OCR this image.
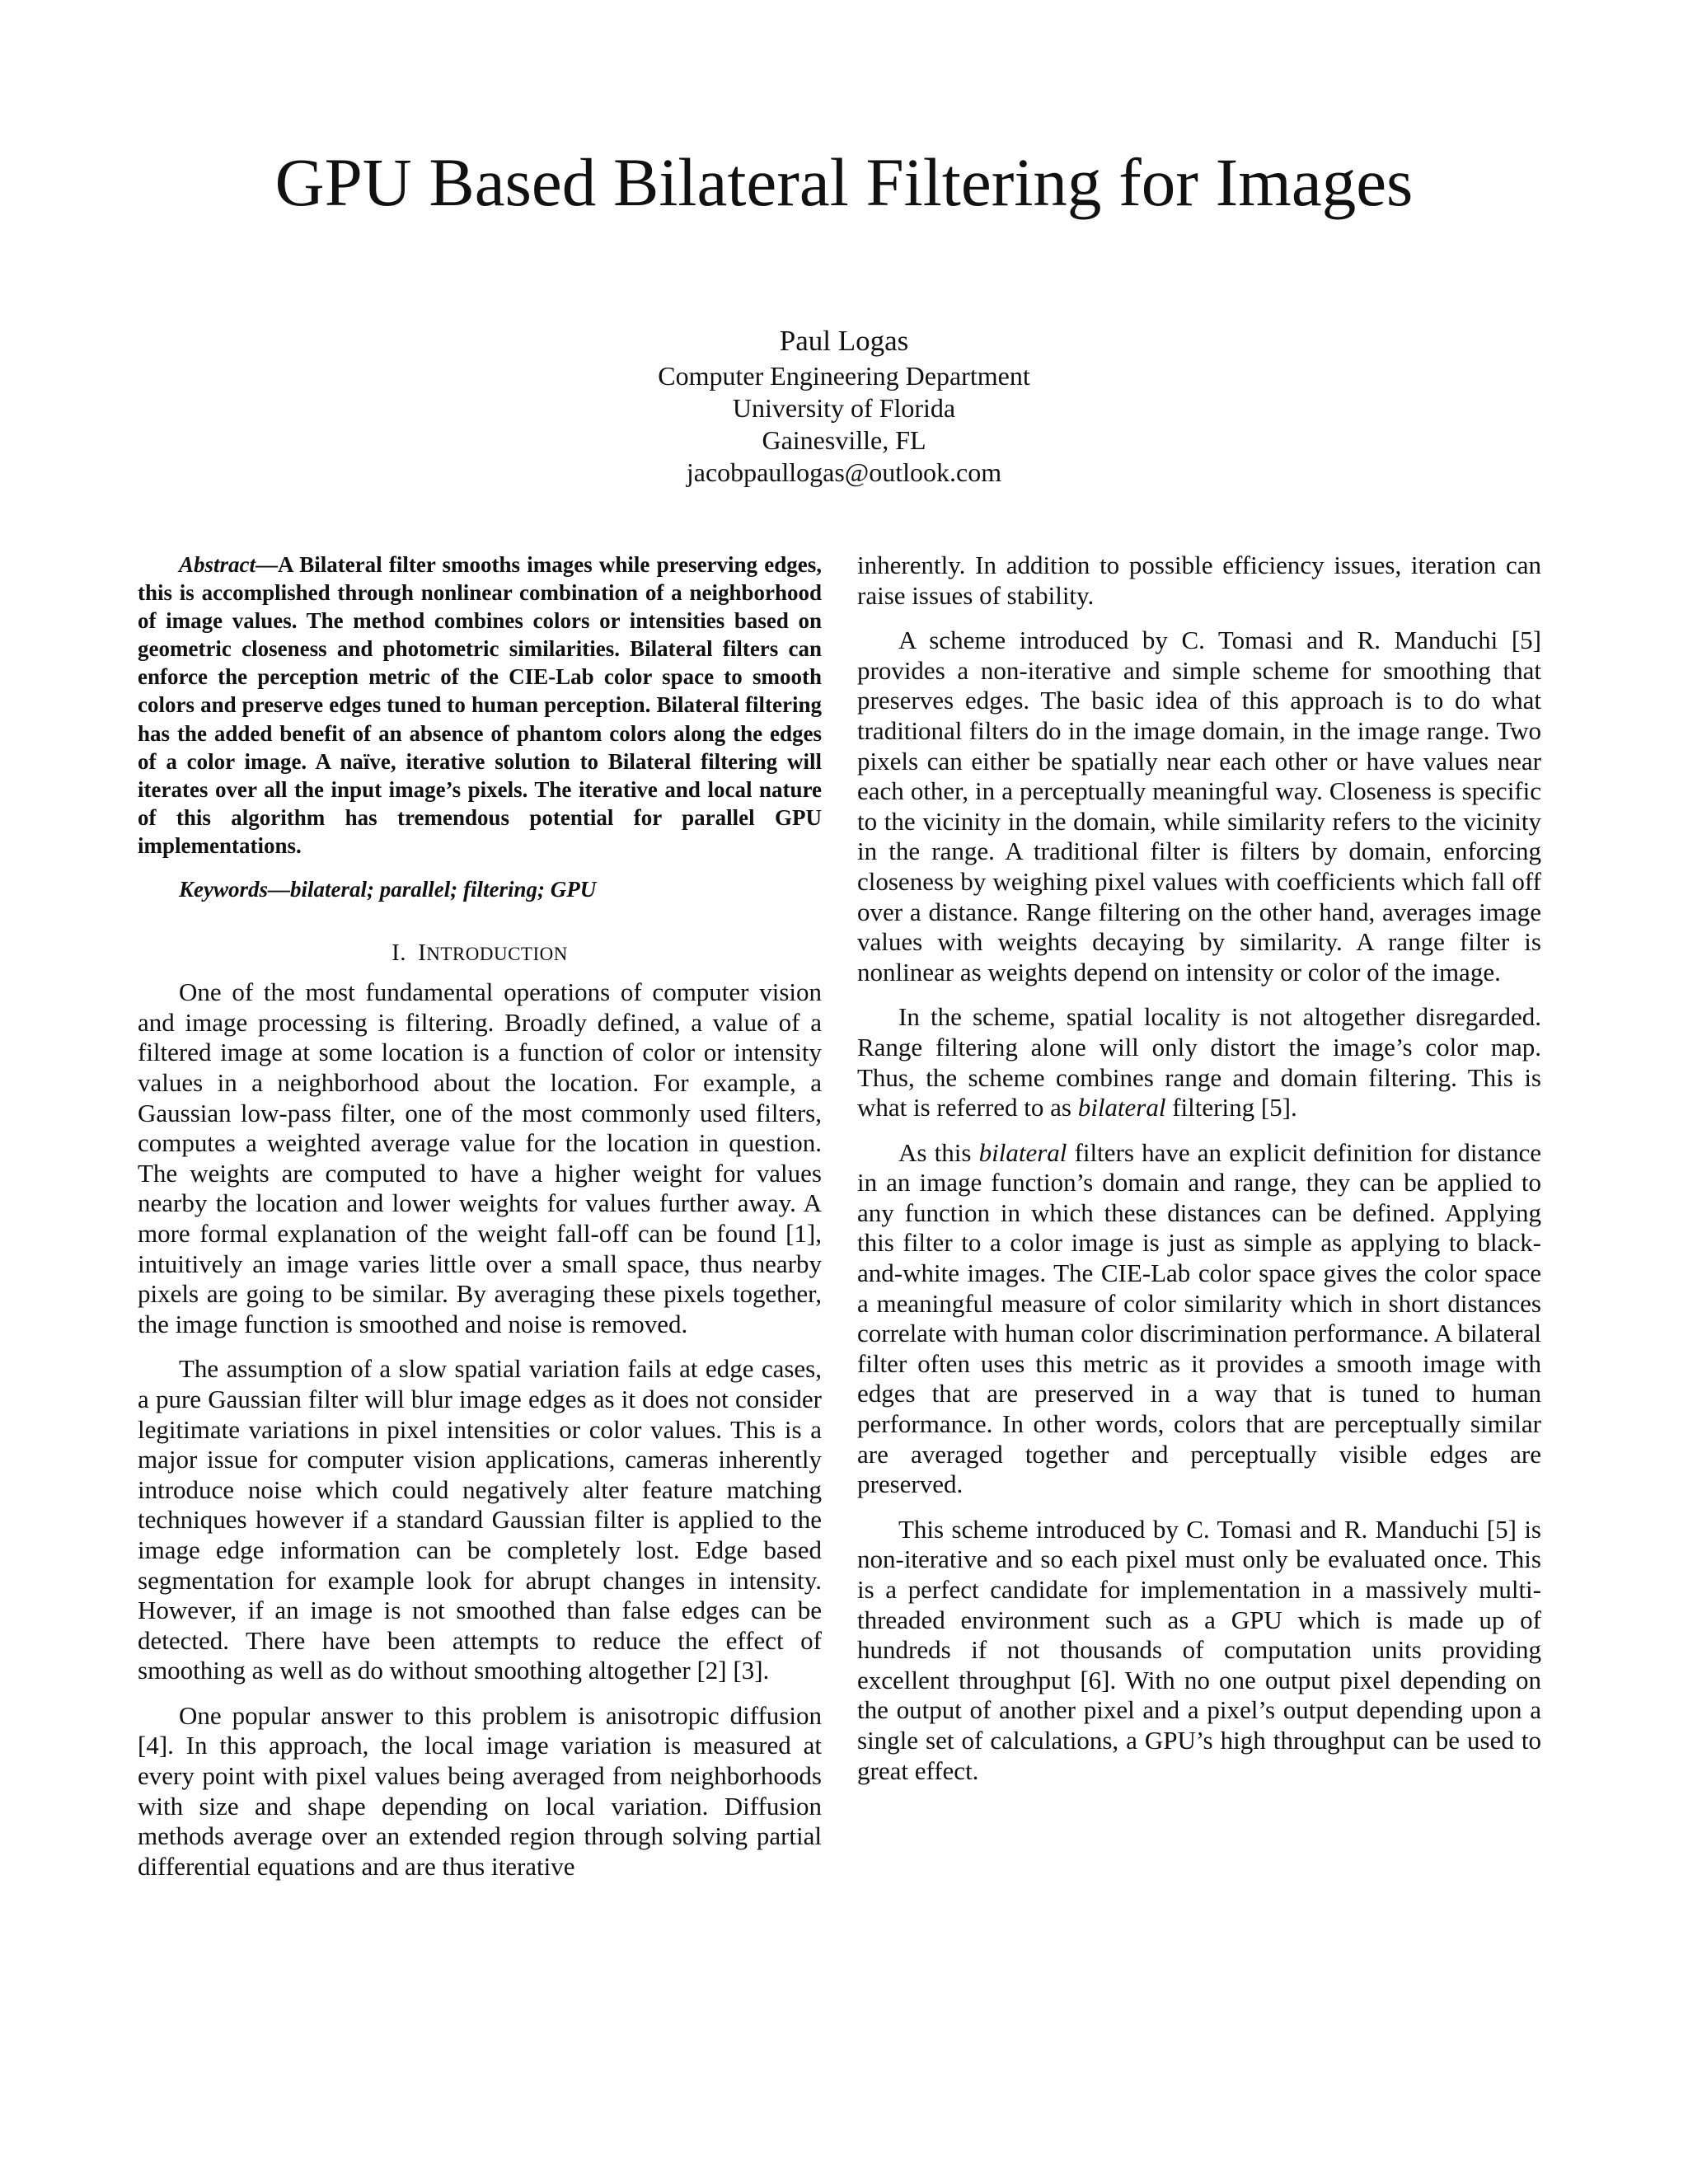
GPU Based Bilateral Filtering for Images
Paul Logas
Computer Engineering Department
University of Florida
Gainesville, FL
jacobpaullogas@outlook.com

Abstract—A Bilateral filter smooths images while preserving edges, this is accomplished through nonlinear combination of a neighborhood of image values. The method combines colors or intensities based on geometric closeness and photometric similarities. Bilateral filters can enforce the perception metric of the CIE-Lab color space to smooth colors and preserve edges tuned to human perception. Bilateral filtering has the added benefit of an absence of phantom colors along the edges of a color image. A naïve, iterative solution to Bilateral filtering will iterates over all the input image’s pixels. The iterative and local nature of this algorithm has tremendous potential for parallel GPU implementations.

Keywords—bilateral; parallel; filtering; GPU

I. INTRODUCTION

One of the most fundamental operations of computer vision and image processing is filtering. Broadly defined, a value of a filtered image at some location is a function of color or intensity values in a neighborhood about the location. For example, a Gaussian low-pass filter, one of the most commonly used filters, computes a weighted average value for the location in question. The weights are computed to have a higher weight for values nearby the location and lower weights for values further away. A more formal explanation of the weight fall-off can be found [1], intuitively an image varies little over a small space, thus nearby pixels are going to be similar. By averaging these pixels together, the image function is smoothed and noise is removed.

The assumption of a slow spatial variation fails at edge cases, a pure Gaussian filter will blur image edges as it does not consider legitimate variations in pixel intensities or color values. This is a major issue for computer vision applications, cameras inherently introduce noise which could negatively alter feature matching techniques however if a standard Gaussian filter is applied to the image edge information can be completely lost. Edge based segmentation for example look for abrupt changes in intensity. However, if an image is not smoothed than false edges can be detected. There have been attempts to reduce the effect of smoothing as well as do without smoothing altogether [2] [3].

One popular answer to this problem is anisotropic diffusion [4]. In this approach, the local image variation is measured at every point with pixel values being averaged from neighborhoods with size and shape depending on local variation. Diffusion methods average over an extended region through solving partial differential equations and are thus iterative

inherently. In addition to possible efficiency issues, iteration can raise issues of stability.

A scheme introduced by C. Tomasi and R. Manduchi [5] provides a non-iterative and simple scheme for smoothing that preserves edges. The basic idea of this approach is to do what traditional filters do in the image domain, in the image range. Two pixels can either be spatially near each other or have values near each other, in a perceptually meaningful way. Closeness is specific to the vicinity in the domain, while similarity refers to the vicinity in the range. A traditional filter is filters by domain, enforcing closeness by weighing pixel values with coefficients which fall off over a distance. Range filtering on the other hand, averages image values with weights decaying by similarity. A range filter is nonlinear as weights depend on intensity or color of the image.

In the scheme, spatial locality is not altogether disregarded. Range filtering alone will only distort the image’s color map. Thus, the scheme combines range and domain filtering. This is what is referred to as bilateral filtering [5].

As this bilateral filters have an explicit definition for distance in an image function’s domain and range, they can be applied to any function in which these distances can be defined. Applying this filter to a color image is just as simple as applying to black-and-white images. The CIE-Lab color space gives the color space a meaningful measure of color similarity which in short distances correlate with human color discrimination performance. A bilateral filter often uses this metric as it provides a smooth image with edges that are preserved in a way that is tuned to human performance. In other words, colors that are perceptually similar are averaged together and perceptually visible edges are preserved.

This scheme introduced by C. Tomasi and R. Manduchi [5] is non-iterative and so each pixel must only be evaluated once. This is a perfect candidate for implementation in a massively multi-threaded environment such as a GPU which is made up of hundreds if not thousands of computation units providing excellent throughput [6]. With no one output pixel depending on the output of another pixel and a pixel’s output depending upon a single set of calculations, a GPU’s high throughput can be used to great effect.
